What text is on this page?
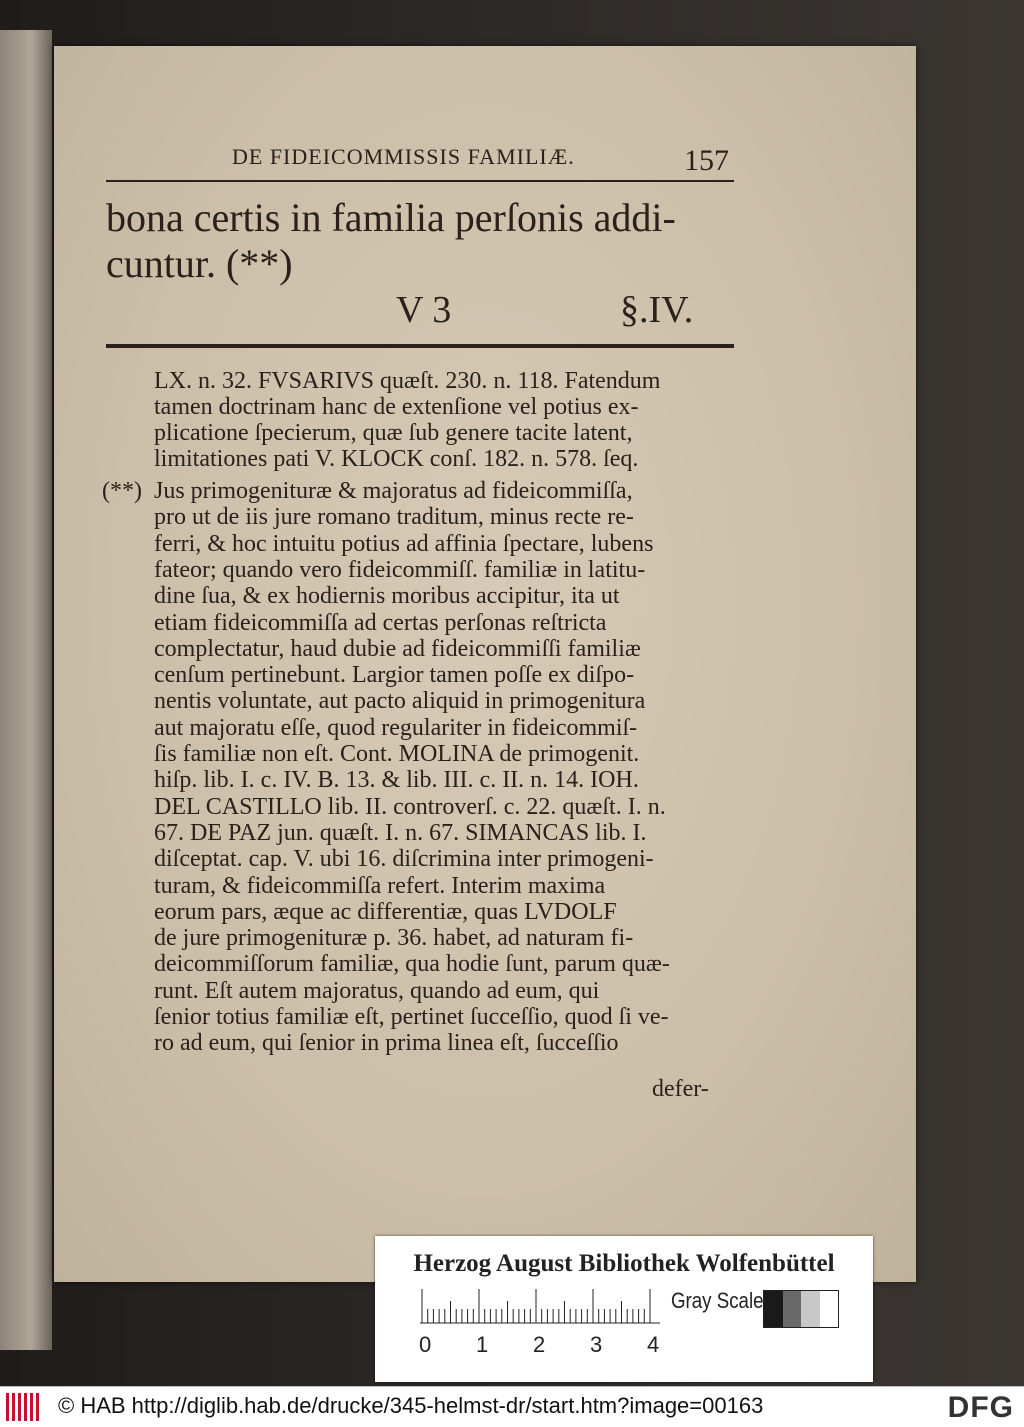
DE FIDEICOMMISSIS FAMILIÆ.	157
bona certis in familia perſonis addi-
cuntur. (**)
V 3	§.IV.
LX. n. 32. FVSARIVS quæſt. 230. n. 118. Fatendum
tamen doctrinam hanc de extenſione vel potius ex-
plicatione ſpecierum, quæ ſub genere tacite latent,
limitationes pati V. KLOCK conſ. 182. n. 578. ſeq.
(**) Jus primogenituræ & majoratus ad fideicommiſſa,
pro ut de iis jure romano traditum, minus recte re-
ferri, & hoc intuitu potius ad affinia ſpectare, lubens
fateor; quando vero fideicommiſſ. familiæ in latitu-
dine ſua, & ex hodiernis moribus accipitur, ita ut
etiam fideicommiſſa ad certas perſonas reſtricta
complectatur, haud dubie ad fideicommiſſi familiæ
cenſum pertinebunt. Largior tamen poſſe ex diſpo-
nentis voluntate, aut pacto aliquid in primogenitura
aut majoratu eſſe, quod regulariter in fideicommiſ-
ſis familiæ non eſt. Cont. MOLINA de primogenit.
hiſp. lib. I. c. IV. B. 13. & lib. III. c. II. n. 14. IOH.
DEL CASTILLO lib. II. controverſ. c. 22. quæſt. I. n.
67. DE PAZ jun. quæſt. I. n. 67. SIMANCAS lib. I.
diſceptat. cap. V. ubi 16. diſcrimina inter primogeni-
turam, & fideicommiſſa refert. Interim maxima
eorum pars, æque ac differentiæ, quas LVDOLF
de jure primogenituræ p. 36. habet, ad naturam fi-
deicommiſſorum familiæ, qua hodie ſunt, parum quæ-
runt. Eſt autem majoratus, quando ad eum, qui
ſenior totius familiæ eſt, pertinet ſucceſſio, quod ſi ve-
ro ad eum, qui ſenior in prima linea eſt, ſucceſſio
defer-
Herzog August Bibliothek Wolfenbüttel
Gray Scale
0 1 2 3 4
© HAB http://diglib.hab.de/drucke/345-helmst-dr/start.htm?image=00163	DFG
